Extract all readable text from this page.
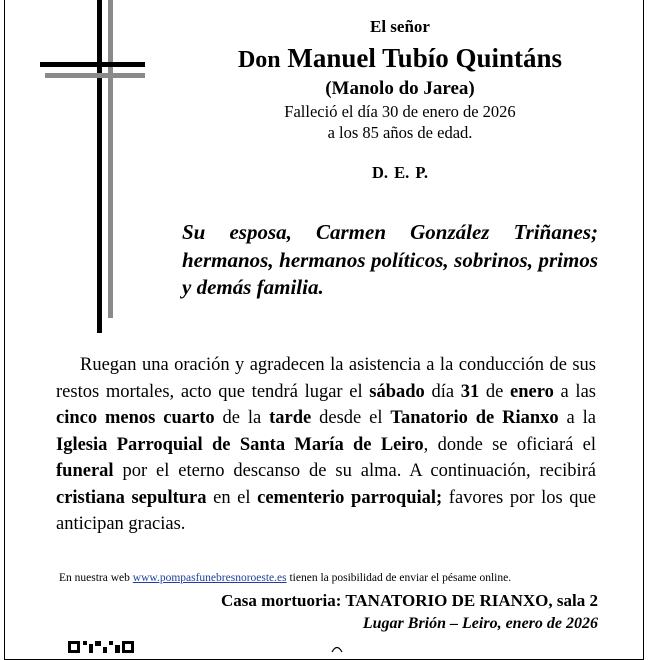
El señor
Don Manuel Tubío Quintáns
(Manolo do Jarea)
Falleció el día 30 de enero de 2026
a los 85 años de edad.
D. E. P.
Su esposa, Carmen González Triñanes; hermanos, hermanos políticos, sobrinos, primos y demás familia.
Ruegan una oración y agradecen la asistencia a la conducción de sus restos mortales, acto que tendrá lugar el sábado día 31 de enero a las cinco menos cuarto de la tarde desde el Tanatorio de Rianxo a la Iglesia Parroquial de Santa María de Leiro, donde se oficiará el funeral por el eterno descanso de su alma. A continuación, recibirá cristiana sepultura en el cementerio parroquial; favores por los que anticipan gracias.
En nuestra web www.pompasfunebresnoroeste.es tienen la posibilidad de enviar el pésame online.
Casa mortuoria: TANATORIO DE RIANXO, sala 2
Lugar Brión – Leiro, enero de 2026
